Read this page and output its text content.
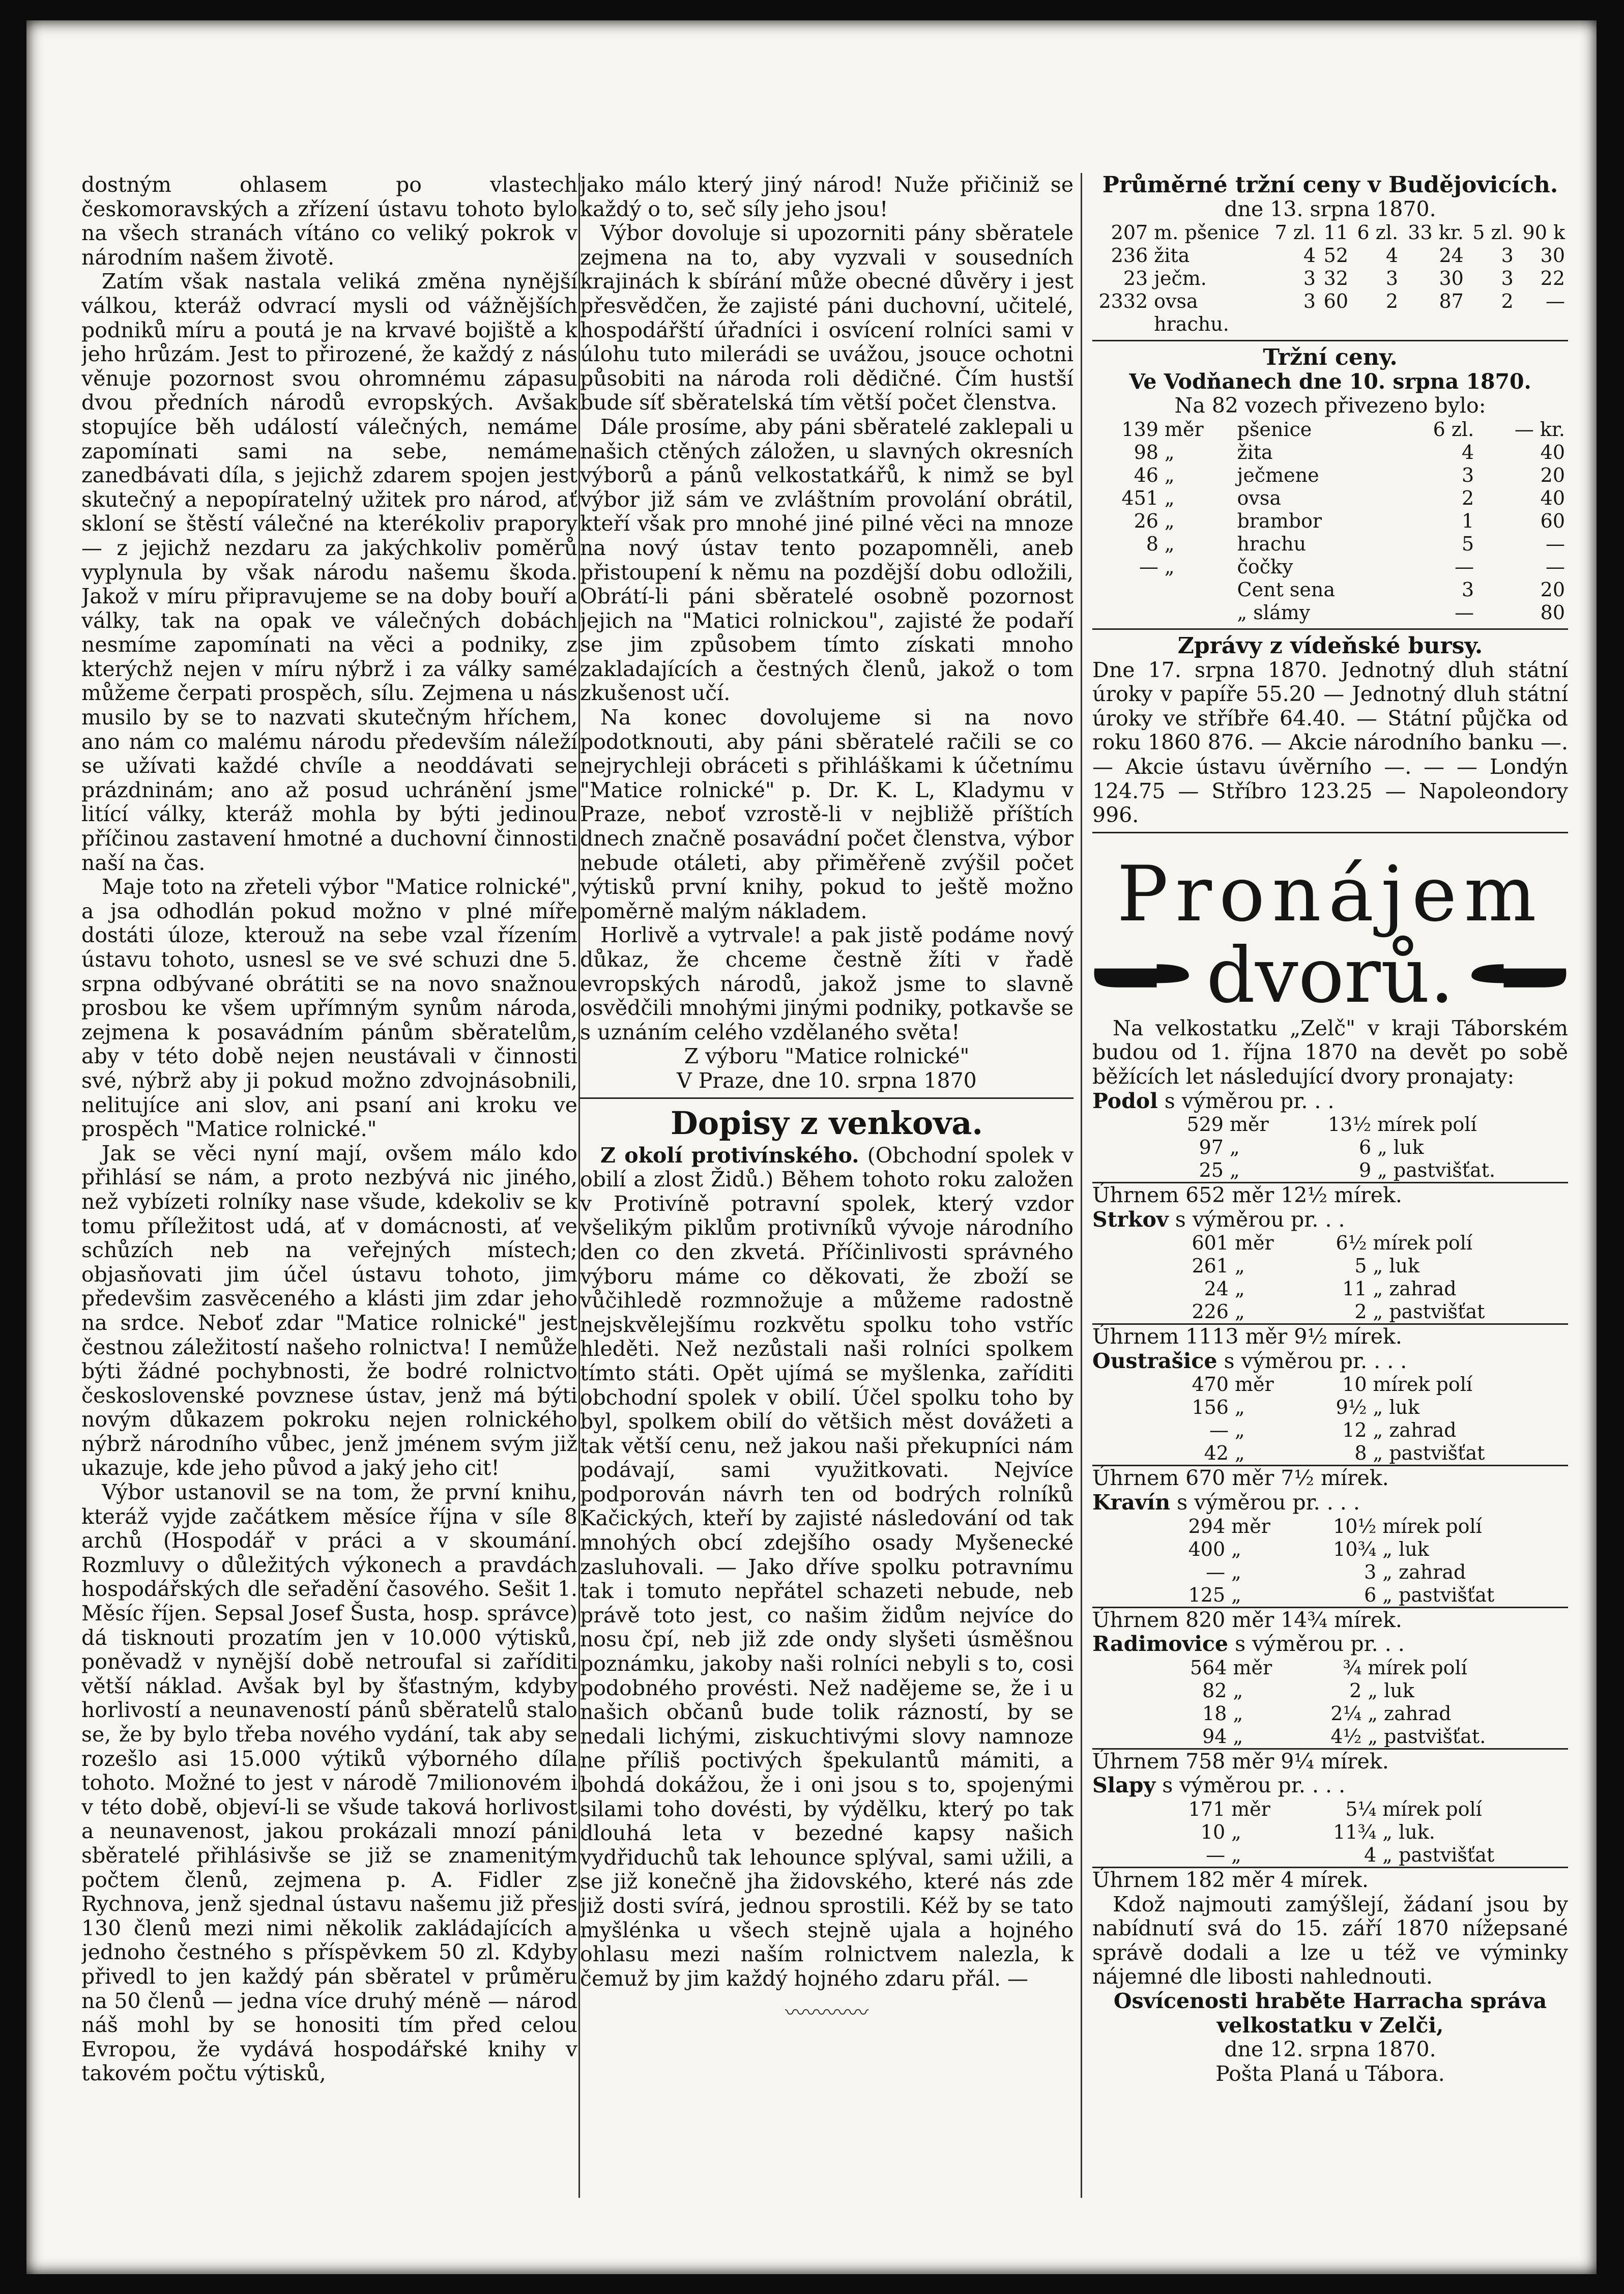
dostným ohlasem po vlastech českomoravských a zřízení ústavu tohoto bylo na všech stranách vítáno co veliký pokrok v národním našem životě.

Zatím však nastala veliká změna nynější válkou, kteráž odvrací mysli od vážnějších podniků míru a poutá je na krvavé bojiště a k jeho hrůzám. Jest to přirozené, že každý z nás věnuje pozornost svou ohromnému zápasu dvou předních národů evropských. Avšak stopujíce běh událostí válečných, nemáme zapomínati sami na sebe, nemáme zanedbávati díla, s jejichž zdarem spojen jest skutečný a nepopíratelný užitek pro národ, ať skloní se štěstí válečné na kterékoliv prapory — z jejichž nezdaru za jakýchkoliv poměrů vyplynula by však národu našemu škoda. Jakož v míru připravujeme se na doby bouří a války, tak na opak ve válečných dobách nesmíme zapomínati na věci a podniky, z kterýchž nejen v míru nýbrž i za války samé můžeme čerpati prospěch, sílu. Zejmena u nás musilo by se to nazvati skutečným hříchem, ano nám co malému národu především náleží se užívati každé chvíle a neoddávati se prázdninám; ano až posud uchránění jsme litící války, kteráž mohla by býti jedinou příčinou zastavení hmotné a duchovní činnosti naší na čas.

Maje toto na zřeteli výbor "Matice rolnické", a jsa odhodlán pokud možno v plné míře dostáti úloze, kterouž na sebe vzal řízením ústavu tohoto, usnesl se ve své schuzi dne 5. srpna odbývané obrátiti se na novo snažnou prosbou ke všem upřímným synům národa, zejmena k posavádním pánům sběratelům, aby v této době nejen neustávali v činnosti své, nýbrž aby ji pokud možno zdvojnásobnili, nelitujíce ani slov, ani psaní ani kroku ve prospěch "Matice rolnické."

Jak se věci nyní mají, ovšem málo kdo přihlásí se nám, a proto nezbývá nic jiného, než vybízeti rolníky nase všude, kdekoliv se k tomu příležitost udá, ať v domácnosti, ať ve schůzích neb na veřejných místech; objasňovati jim účel ústavu tohoto, jim předevšim zasvěceného a klásti jim zdar jeho na srdce. Neboť zdar "Matice rolnické" jest čestnou záležitostí našeho rolnictva! I nemůže býti žádné pochybnosti, že bodré rolnictvo československé povznese ústav, jenž má býti novým důkazem pokroku nejen rolnického nýbrž národního vůbec, jenž jménem svým již ukazuje, kde jeho původ a jaký jeho cit!

Výbor ustanovil se na tom, že první knihu, kteráž vyjde začátkem měsíce října v síle 8 archů (Hospodář v práci a v skoumání. Rozmluvy o důležitých výkonech a pravdách hospodářských dle seřadění časového. Sešit 1. Měsíc říjen. Sepsal Josef Šusta, hosp. správce) dá tisknouti prozatím jen v 10.000 výtisků, poněvadž v nynější době netroufal si zaříditi větší náklad. Avšak byl by šťastným, kdyby horlivostí a neunaveností pánů sběratelů stalo se, že by bylo třeba nového vydání, tak aby se rozešlo asi 15.000 výtiků výborného díla tohoto. Možné to jest v národě 7milionovém i v této době, objeví-li se všude taková horlivost a neunavenost, jakou prokázali mnozí páni sběratelé přihlásivše se již se znamenitým počtem členů, zejmena p. A. Fidler z Rychnova, jenž sjednal ústavu našemu již přes 130 členů mezi nimi několik zakládajících a jednoho čestného s příspěvkem 50 zl. Kdyby přivedl to jen každý pán sběratel v průměru na 50 členů — jedna více druhý méně — národ náš mohl by se honositi tím před celou Evropou, že vydává hospodářské knihy v takovém počtu výtisků,

jako málo který jiný národ! Nuže přičiniž se každý o to, seč síly jeho jsou!

Výbor dovoluje si upozorniti pány sběratele zejmena na to, aby vyzvali v sousedních krajinách k sbírání může obecné důvěry i jest přesvědčen, že zajisté páni duchovní, učitelé, hospodářští úřadníci i osvícení rolníci sami v úlohu tuto milerádi se uvážou, jsouce ochotni působiti na národa roli dědičné. Čím hustší bude síť sběratelská tím větší počet členstva.

Dále prosíme, aby páni sběratelé zaklepali u našich ctěných záložen, u slavných okresních výborů a pánů velkostatkářů, k nimž se byl výbor již sám ve zvláštním provolání obrátil, kteří však pro mnohé jiné pilné věci na mnoze na nový ústav tento pozapomněli, aneb přistoupení k němu na pozdější dobu odložili, Obrátí-li páni sběratelé osobně pozornost jejich na "Matici rolnickou", zajisté že podaří se jim způsobem tímto získati mnoho zakladajících a čestných členů, jakož o tom zkušenost učí.

Na konec dovolujeme si na novo podotknouti, aby páni sběratelé račili se co nejrychleji obráceti s přihláškami k účetnímu "Matice rolnické" p. Dr. K. L, Kladymu v Praze, neboť vzrostě-li v nejbližě příštích dnech značně posavádní počet členstva, výbor nebude otáleti, aby přiměřeně zvýšil počet výtisků první knihy, pokud to ještě možno poměrně malým nákladem.

Horlivě a vytrvale! a pak jistě podáme nový důkaz, že chceme čestně žíti v řadě evropských národů, jakož jsme to slavně osvědčili mnohými jinými podniky, potkavše se s uznáním celého vzdělaného světa!

Z výboru "Matice rolnické"

V Praze, dne 10. srpna 1870

Dopisy z venkova.

Z okolí protivínského. (Obchodní spolek v obilí a zlost Židů.) Během tohoto roku založen v Protivíně potravní spolek, který vzdor všelikým piklům protivníků vývoje národního den co den zkvetá. Příčinlivosti správného výboru máme co děkovati, že zboží se vůčihledě rozmnožuje a můžeme radostně nejskvělejšímu rozkvětu spolku toho vstříc hleděti. Než nezůstali naši rolníci spolkem tímto státi. Opět ujímá se myšlenka, zaříditi obchodní spolek v obilí. Účel spolku toho by byl, spolkem obilí do většich měst dovážeti a tak větší cenu, než jakou naši překupníci nám podávají, sami využitkovati. Nejvíce podporován návrh ten od bodrých rolníků Kačických, kteří by zajisté následování od tak mnohých obcí zdejšího osady Myšenecké zasluhovali. — Jako dříve spolku potravnímu tak i tomuto nepřátel schazeti nebude, neb právě toto jest, co našim židům nejvíce do nosu čpí, neb již zde ondy slyšeti úsměšnou poznámku, jakoby naši rolníci nebyli s to, cosi podobného provésti. Než nadějeme se, že i u našich občanů bude tolik rázností, by se nedali lichými, ziskuchtivými slovy namnoze ne příliš poctivých špekulantů mámiti, a bohdá dokážou, že i oni jsou s to, spojenými silami toho dovésti, by výdělku, který po tak dlouhá leta v bezedné kapsy našich vydřiduchů tak lehounce splýval, sami užili, a se již konečně jha židovského, které nás zde již dosti svírá, jednou sprostili. Kéž by se tato myšlénka u všech stejně ujala a hojného ohlasu mezi naším rolnictvem nalezla, k čemuž by jim každý hojného zdaru přál. —

〰〰〰〰

Průměrné tržní ceny v Budějovicích.

dne 13. srpna 1870.

207	m. pšenice	7 zl.	11	6 zl.	33 kr.	5 zl.	90 k
236	žita	4	52	4	24	3	30
23	ječm.	3	32	3	30	3	22
2332	ovsa	3	60	2	87	2	—
	hrachu.						
Tržní ceny.

Ve Vodňanech dne 10. srpna 1870.

Na 82 vozech přivezeno bylo:

139	měr	pšenice	6 zl.	— kr.
98	„	žita	4	40
46	„	ječmene	3	20
451	„	ovsa	2	40
26	„	brambor	1	60
8	„	hrachu	5	—
—	„	čočky	—	—
		Cent sena	3	20
		„ slámy	—	80
Zprávy z vídeňské bursy.

Dne 17. srpna 1870. Jednotný dluh státní úroky v papíře 55.20 — Jednotný dluh státní úroky ve stříbře 64.40. — Státní půjčka od roku 1860 876. — Akcie národního banku —. — Akcie ústavu úvěrního —. — — Londýn 124.75 — Stříbro 123.25 — Napoleondory 996.

Pronájem
dvorů.

Na velkostatku „Zelč" v kraji Táborském budou od 1. října 1870 na devět po sobě běžících let následující dvory pronajaty:

Podol s výměrou pr. . .

	529	měr	13½	mírek polí
	97	„	6	„ luk
	25	„	9	„ pastvišťat.

Úhrnem 652 měr 12½ mírek.

Strkov s výměrou pr. . .

	601	měr	6½	mírek polí
	261	„	5	„ luk
	24	„	11	„ zahrad
	226	„	2	„ pastvišťat

Úhrnem 1113 měr 9½ mírek.

Oustrašice s výměrou pr. . . .

	470	měr	10	mírek polí
	156	„	9½	„ luk
	—	„	12	„ zahrad
	42	„	8	„ pastvišťat

Úhrnem 670 měr 7½ mírek.

Kravín s výměrou pr. . . .

	294	měr	10½	mírek polí
	400	„	10¾	„ luk
	—	„	3	„ zahrad
	125	„	6	„ pastvišťat

Úhrnem 820 měr 14¾ mírek.

Radimovice s výměrou pr. . .

	564	měr	¾	mírek polí
	82	„	2	„ luk
	18	„	2¼	„ zahrad
	94	„	4½	„ pastvišťat.

Úhrnem 758 měr 9¼ mírek.

Slapy s výměrou pr. . . .

	171	měr	5¼	mírek polí
	10	„	11¾	„ luk.
	—	„	4	„ pastvišťat

Úhrnem 182 měr 4 mírek.

Kdož najmouti zamýšlejí, žádaní jsou by nabídnutí svá do 15. září 1870 nížepsané správě dodali a lze u též ve výminky nájemné dle libosti nahlednouti.

Osvícenosti hraběte Harracha správa velkostatku v Zelči,

dne 12. srpna 1870.

Pošta Planá u Tábora.
